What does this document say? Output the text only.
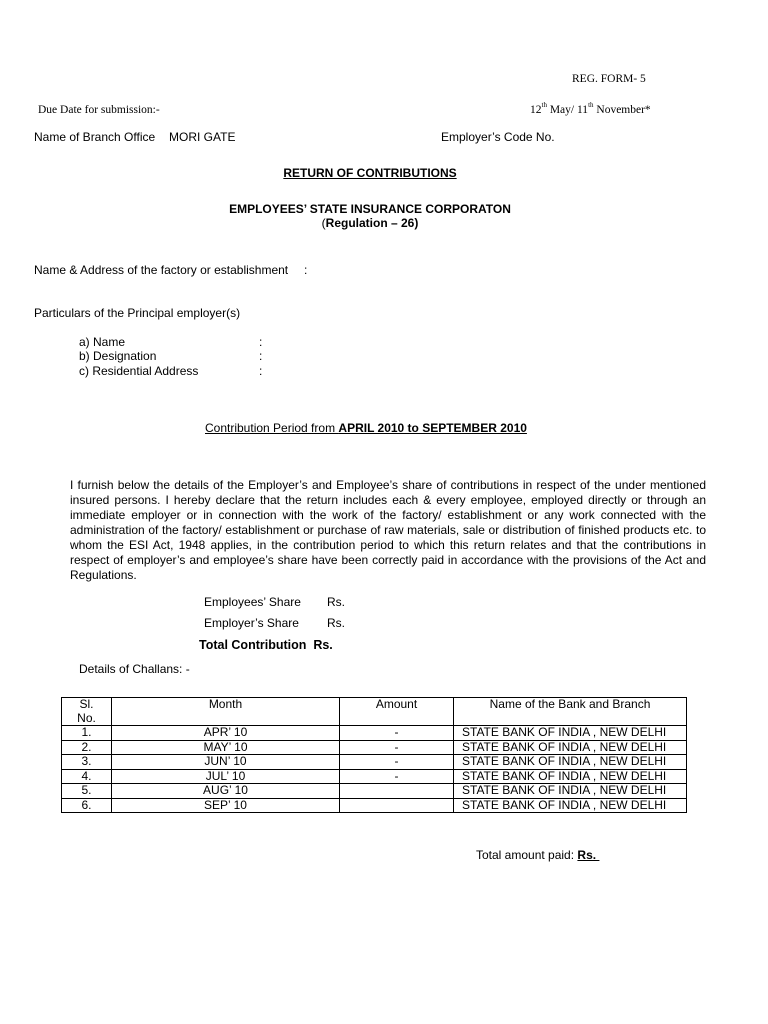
REG. FORM- 5
Due Date for submission:-	12th May/ 11th November*
Name of Branch Office MORI GATE	Employer’s Code No.
RETURN OF CONTRIBUTIONS
EMPLOYEES’ STATE INSURANCE CORPORATON
(Regulation – 26)
Name & Address of the factory or establishment :
Particulars of the Principal employer(s)
a) Name	:
b) Designation	:
c) Residential Address	:
Contribution Period from APRIL 2010 to SEPTEMBER 2010
I furnish below the details of the Employer’s and Employee’s share of contributions in respect of the under mentioned insured persons. I hereby declare that the return includes each & every employee, employed directly or through an immediate employer or in connection with the work of the factory/ establishment or any work connected with the administration of the factory/ establishment or purchase of raw materials, sale or distribution of finished products etc. to whom the ESI Act, 1948 applies, in the contribution period to which this return relates and that the contributions in respect of employer’s and employee’s share have been correctly paid in accordance with the provisions of the Act and Regulations.
Employees’ Share Rs.
Employer’s Share Rs.
Total Contribution  Rs.
Details of Challans: -
Sl.
No.	Month	Amount	Name of the Bank and Branch
1.	APR’ 10	-	STATE BANK OF INDIA , NEW DELHI
2.	MAY’ 10	-	STATE BANK OF INDIA , NEW DELHI
3.	JUN’ 10	-	STATE BANK OF INDIA , NEW DELHI
4.	JUL’ 10	-	STATE BANK OF INDIA , NEW DELHI
5.	AUG’ 10		STATE BANK OF INDIA , NEW DELHI
6.	SEP’ 10		STATE BANK OF INDIA , NEW DELHI
Total amount paid: Rs.
